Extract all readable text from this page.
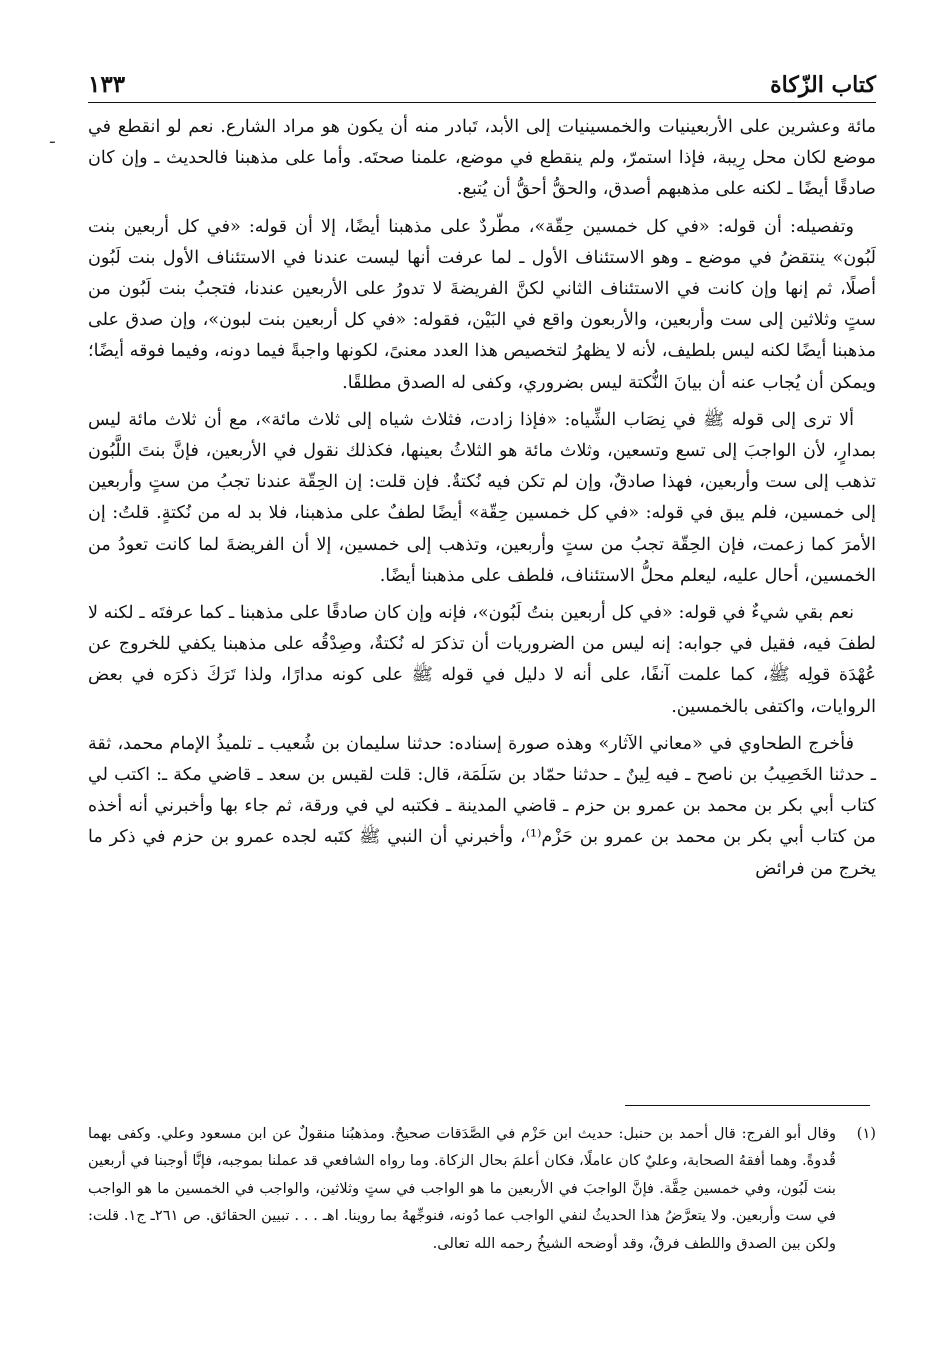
كتاب الزّكاة
١٣٣
ـ

مائة وعشرين على الأربعينيات والخمسينيات إلى الأبد، تَبادر منه أن يكون هو مراد الشارع. نعم لو انقطع في موضع لكان محل رِيبة، فإذا استمرّ، ولم ينقطع في موضع، علمنا صحتَه. وأما على مذهبنا فالحديث ـ وإن كان صادقًا أيضًا ـ لكنه على مذهبهم أصدق، والحقُّ أحقُّ أن يُتبع.

وتفصيله: أن قوله: «في كل خمسين حِقّة»، مطّردٌ على مذهبنا أيضًا، إلا أن قوله: «في كل أربعين بنت لَبُون» ينتقضُ في موضع ـ وهو الاستئناف الأول ـ لما عرفت أنها ليست عندنا في الاستئناف الأول بنت لَبُون أصلًا، ثم إنها وإن كانت في الاستئناف الثاني لكنَّ الفريضةَ لا تدورُ على الأربعين عندنا، فتجبُ بنت لَبُون من ستٍ وثلاثين إلى ست وأربعين، والأربعون واقع في البَيْن، فقوله: «في كل أربعين بنت لبون»، وإن صدق على مذهبنا أيضًا لكنه ليس بلطيف، لأنه لا يظهرُ لتخصيص هذا العدد معنىً، لكونها واجبةً فيما دونه، وفيما فوقه أيضًا؛ ويمكن أن يُجاب عنه أن بيانَ النُّكتة ليس بضروري، وكفى له الصدق مطلقًا.

ألا ترى إلى قوله ﷺ في نِصَاب الشِّياه: «فإذا زادت، فثلاث شياه إلى ثلاث مائة»، مع أن ثلاث مائة ليس بمدارٍ، لأن الواجبَ إلى تسع وتسعين، وثلاث مائة هو الثلاثُ بعينها، فكذلك نقول في الأربعين، فإنَّ بنتَ اللَّبُون تذهب إلى ست وأربعين، فهذا صادقٌ، وإن لم تكن فيه نُكتةٌ. فإن قلت: إن الحِقّة عندنا تجبُ من ستٍ وأربعين إلى خمسين، فلم يبق في قوله: «في كل خمسين حِقّة» أيضًا لطفٌ على مذهبنا، فلا بد له من نُكتةٍ. قلتُ: إن الأمرَ كما زعمت، فإن الحِقّة تجبُ من ستٍ وأربعين، وتذهب إلى خمسين، إلا أن الفريضةَ لما كانت تعودُ من الخمسين، أحال عليه، ليعلم محلُّ الاستئناف، فلطف على مذهبنا أيضًا.

نعم بقي شيءٌ في قوله: «في كل أربعين بنتُ لَبُون»، فإنه وإن كان صادقًا على مذهبنا ـ كما عرفتَه ـ لكنه لا لطفَ فيه، فقيل في جوابه: إنه ليس من الضروريات أن تذكرَ له نُكتةٌ، وصِدْقُه على مذهبنا يكفي للخروج عن عُهْدَة قولِه ﷺ، كما علمت آنفًا، على أنه لا دليل في قوله ﷺ على كونه مدارًا، ولذا تَرَكَ ذكرَه في بعض الروايات، واكتفى بالخمسين.

فأخرج الطحاوي في «معاني الآثار» وهذه صورة إسناده: حدثنا سليمان بن شُعيب ـ تلميذُ الإمام محمد، ثقة ـ حدثنا الخَصِيبُ بن ناصح ـ فيه لِينٌ ـ حدثنا حمّاد بن سَلَمَة، قال: قلت لقيس بن سعد ـ قاضي مكة ـ: اكتب لي كتاب أبي بكر بن محمد بن عمرو بن حزم ـ قاضي المدينة ـ فكتبه لي في ورقة، ثم جاء بها وأخبرني أنه أخذه من كتاب أبي بكر بن محمد بن عمرو بن حَزْم⁽¹⁾، وأخبرني أن النبي ﷺ كتَبه لجده عمرو بن حزم في ذكر ما يخرج من فرائض

(١)
وقال أبو الفرج: قال أحمد بن حنبل: حديث ابن حَزْم في الصَّدَقات صحيحٌ. ومذهبُنا منقولٌ عن ابن مسعود وعلي. وكفى بهما قُدوةً. وهما أفقهُ الصحابة، وعليٌ كان عاملًا، فكان أعلمَ بحال الزكاة. وما رواه الشافعي قد عملنا بموجبه، فإنَّا أوجبنا في أربعين بنت لَبُون، وفي خمسين حِقَّة. فإنَّ الواجبَ في الأربعين ما هو الواجب في ستٍ وثلاثين، والواجب في الخمسين ما هو الواجب في ست وأربعين. ولا يتعرَّضُ هذا الحديثُ لنفي الواجب عما دُونه، فنوجِّههُ بما روينا. اهـ . . . تبيين الحقائق. ص ٢٦١ـ ج١. قلت: ولكن بين الصدق واللطف فرقٌ، وقد أوضحه الشيخُ رحمه الله تعالى.
